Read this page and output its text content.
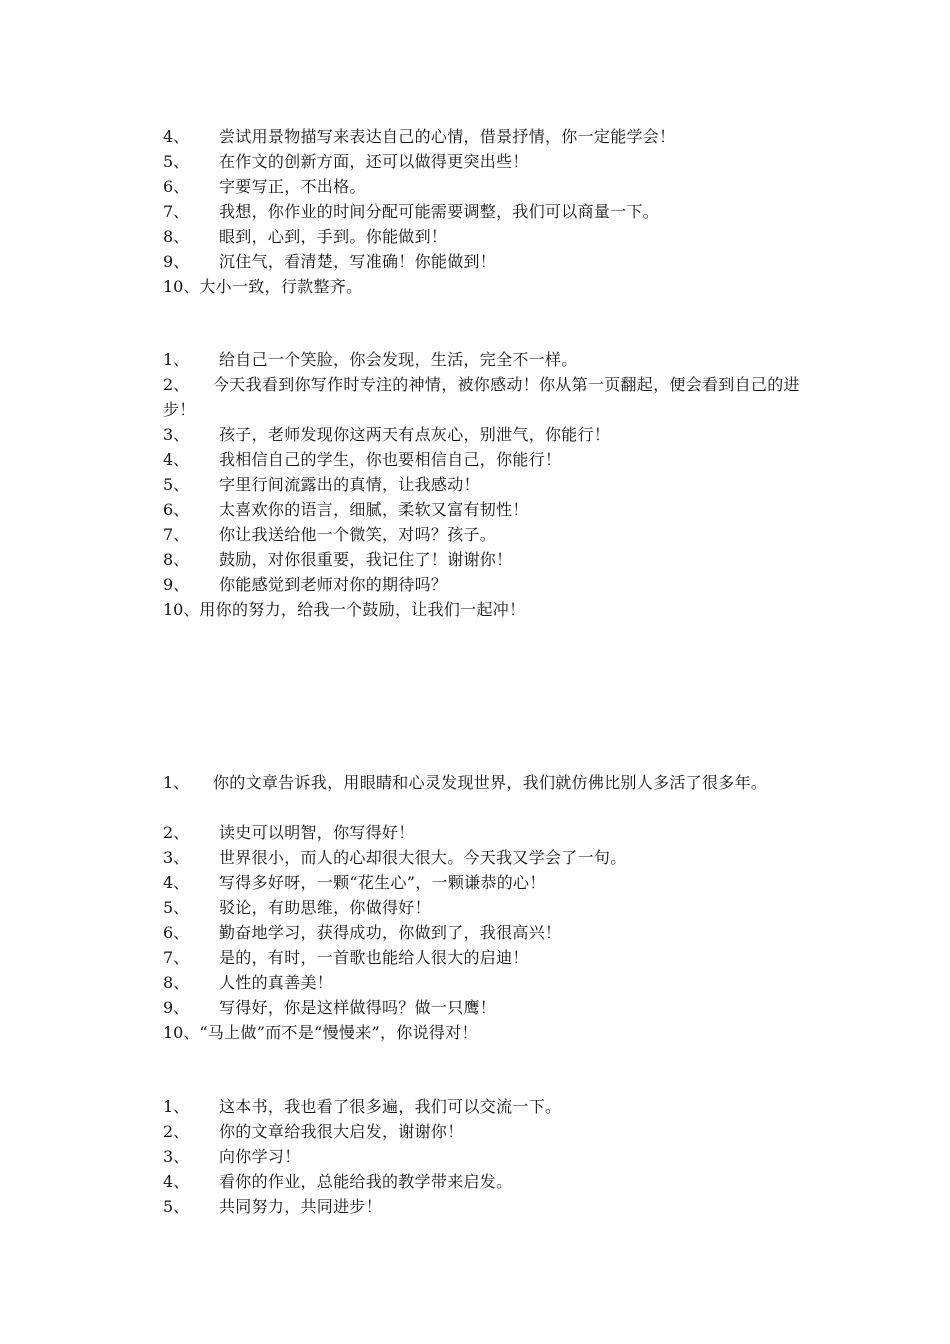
4、 尝试用景物描写来表达自己的心情，借景抒情，你一定能学会！
5、 在作文的创新方面，还可以做得更突出些！
6、 字要写正，不出格。
7、 我想，你作业的时间分配可能需要调整，我们可以商量一下。
8、 眼到，心到，手到。你能做到！
9、 沉住气，看清楚，写准确！你能做到！
10、大小一致，行款整齐。
1、 给自己一个笑脸，你会发现，生活，完全不一样。
2、 今天我看到你写作时专注的神情，被你感动！你从第一页翻起，便会看到自己的进步！
3、 孩子，老师发现你这两天有点灰心，别泄气，你能行！
4、 我相信自己的学生，你也要相信自己，你能行！
5、 字里行间流露出的真情，让我感动！
6、 太喜欢你的语言，细腻，柔软又富有韧性！
7、 你让我送给他一个微笑，对吗？孩子。
8、 鼓励，对你很重要，我记住了！谢谢你！
9、 你能感觉到老师对你的期待吗？
10、用你的努力，给我一个鼓励，让我们一起冲！
1、 你的文章告诉我，用眼睛和心灵发现世界，我们就仿佛比别人多活了很多年。
2、 读史可以明智，你写得好！
3、 世界很小，而人的心却很大很大。今天我又学会了一句。
4、 写得多好呀，一颗“花生心”，一颗谦恭的心！
5、 驳论，有助思维，你做得好！
6、 勤奋地学习，获得成功，你做到了，我很高兴！
7、 是的，有时，一首歌也能给人很大的启迪！
8、 人性的真善美！
9、 写得好，你是这样做得吗？做一只鹰！
10、“马上做”而不是“慢慢来”，你说得对！
1、 这本书，我也看了很多遍，我们可以交流一下。
2、 你的文章给我很大启发，谢谢你！
3、 向你学习！
4、 看你的作业，总能给我的教学带来启发。
5、 共同努力，共同进步！
